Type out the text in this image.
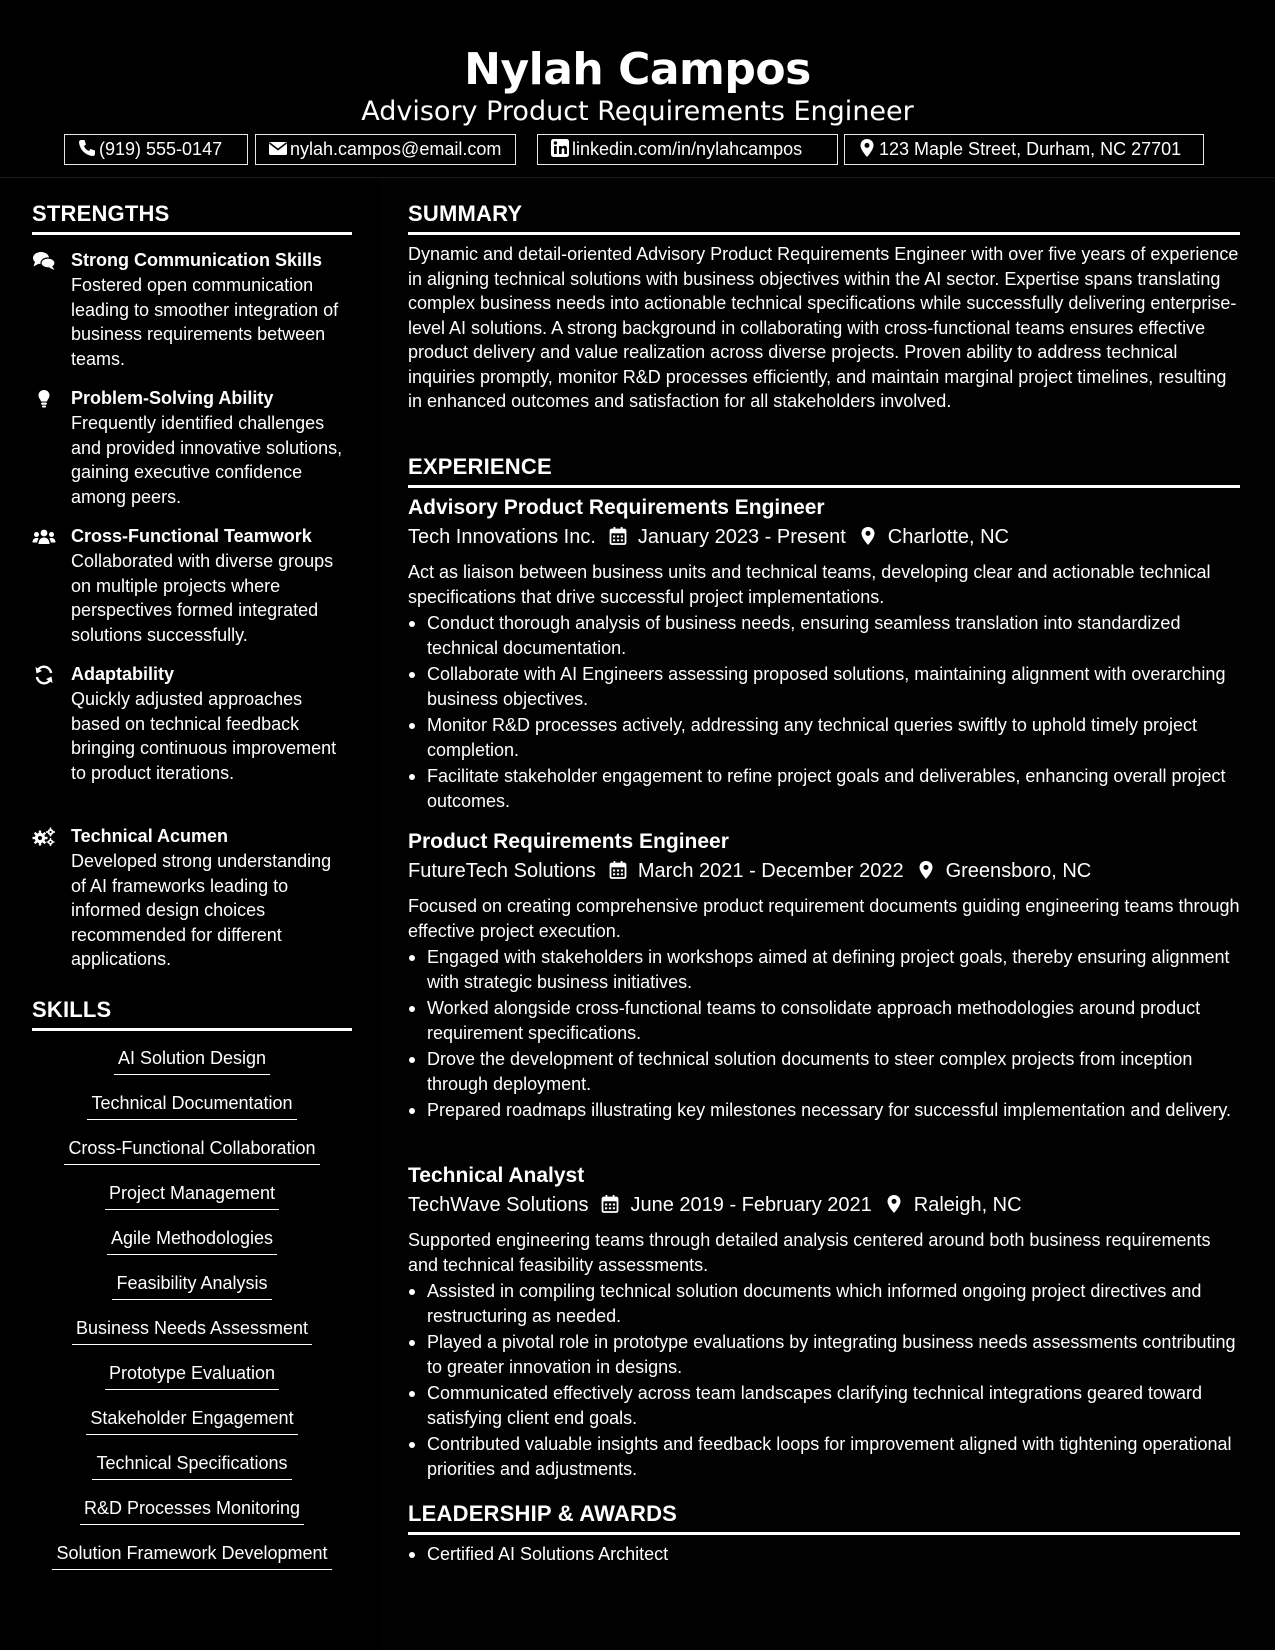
Nylah Campos
Advisory Product Requirements Engineer
(919) 555-0147	nylah.campos@email.com	linkedin.com/in/nylahcampos	123 Maple Street, Durham, NC 27701
STRENGTHS
Strong Communication Skills
Fostered open communication leading to smoother integration of business requirements between teams.
Problem-Solving Ability
Frequently identified challenges and provided innovative solutions, gaining executive confidence among peers.
Cross-Functional Teamwork
Collaborated with diverse groups on multiple projects where perspectives formed integrated solutions successfully.
Adaptability
Quickly adjusted approaches based on technical feedback bringing continuous improvement to product iterations.
Technical Acumen
Developed strong understanding of AI frameworks leading to informed design choices recommended for different applications.
SKILLS
AI Solution Design
Technical Documentation
Cross-Functional Collaboration
Project Management
Agile Methodologies
Feasibility Analysis
Business Needs Assessment
Prototype Evaluation
Stakeholder Engagement
Technical Specifications
R&D Processes Monitoring
Solution Framework Development
SUMMARY
Dynamic and detail-oriented Advisory Product Requirements Engineer with over five years of experience in aligning technical solutions with business objectives within the AI sector. Expertise spans translating complex business needs into actionable technical specifications while successfully delivering enterprise-level AI solutions. A strong background in collaborating with cross-functional teams ensures effective product delivery and value realization across diverse projects. Proven ability to address technical inquiries promptly, monitor R&D processes efficiently, and maintain marginal project timelines, resulting in enhanced outcomes and satisfaction for all stakeholders involved.
EXPERIENCE
Advisory Product Requirements Engineer
Tech Innovations Inc. January 2023 - Present Charlotte, NC
Act as liaison between business units and technical teams, developing clear and actionable technical specifications that drive successful project implementations.
Conduct thorough analysis of business needs, ensuring seamless translation into standardized technical documentation.
Collaborate with AI Engineers assessing proposed solutions, maintaining alignment with overarching business objectives.
Monitor R&D processes actively, addressing any technical queries swiftly to uphold timely project completion.
Facilitate stakeholder engagement to refine project goals and deliverables, enhancing overall project outcomes.
Product Requirements Engineer
FutureTech Solutions March 2021 - December 2022 Greensboro, NC
Focused on creating comprehensive product requirement documents guiding engineering teams through effective project execution.
Engaged with stakeholders in workshops aimed at defining project goals, thereby ensuring alignment with strategic business initiatives.
Worked alongside cross-functional teams to consolidate approach methodologies around product requirement specifications.
Drove the development of technical solution documents to steer complex projects from inception through deployment.
Prepared roadmaps illustrating key milestones necessary for successful implementation and delivery.
Technical Analyst
TechWave Solutions June 2019 - February 2021 Raleigh, NC
Supported engineering teams through detailed analysis centered around both business requirements and technical feasibility assessments.
Assisted in compiling technical solution documents which informed ongoing project directives and restructuring as needed.
Played a pivotal role in prototype evaluations by integrating business needs assessments contributing to greater innovation in designs.
Communicated effectively across team landscapes clarifying technical integrations geared toward satisfying client end goals.
Contributed valuable insights and feedback loops for improvement aligned with tightening operational priorities and adjustments.
LEADERSHIP & AWARDS
Certified AI Solutions Architect
